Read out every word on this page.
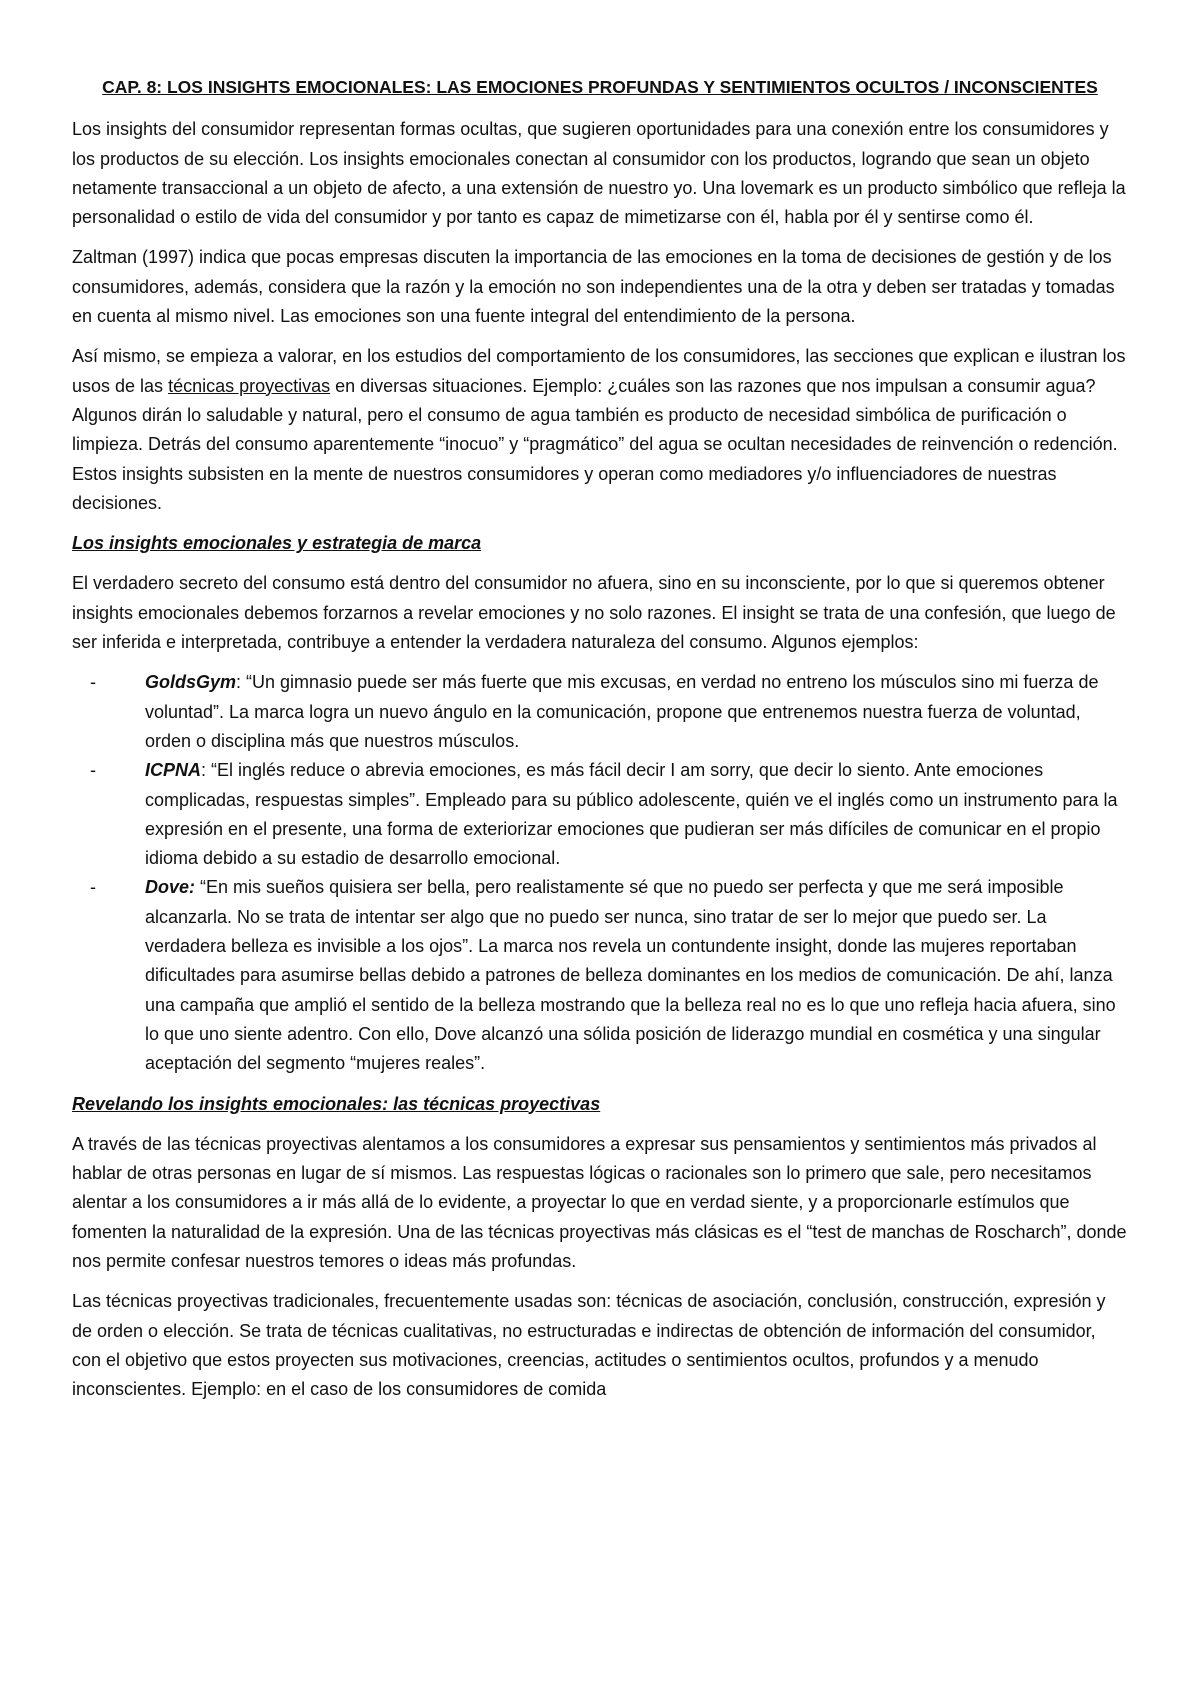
CAP. 8: LOS INSIGHTS EMOCIONALES: LAS EMOCIONES PROFUNDAS Y SENTIMIENTOS OCULTOS / INCONSCIENTES

Los insights del consumidor representan formas ocultas, que sugieren oportunidades para una conexión entre los consumidores y los productos de su elección. Los insights emocionales conectan al consumidor con los productos, logrando que sean un objeto netamente transaccional a un objeto de afecto, a una extensión de nuestro yo. Una lovemark es un producto simbólico que refleja la personalidad o estilo de vida del consumidor y por tanto es capaz de mimetizarse con él, habla por él y sentirse como él.

Zaltman (1997) indica que pocas empresas discuten la importancia de las emociones en la toma de decisiones de gestión y de los consumidores, además, considera que la razón y la emoción no son independientes una de la otra y deben ser tratadas y tomadas en cuenta al mismo nivel. Las emociones son una fuente integral del entendimiento de la persona.

Así mismo, se empieza a valorar, en los estudios del comportamiento de los consumidores, las secciones que explican e ilustran los usos de las técnicas proyectivas en diversas situaciones. Ejemplo: ¿cuáles son las razones que nos impulsan a consumir agua? Algunos dirán lo saludable y natural, pero el consumo de agua también es producto de necesidad simbólica de purificación o limpieza. Detrás del consumo aparentemente “inocuo” y “pragmático” del agua se ocultan necesidades de reinvención o redención. Estos insights subsisten en la mente de nuestros consumidores y operan como mediadores y/o influenciadores de nuestras decisiones.

Los insights emocionales y estrategia de marca

El verdadero secreto del consumo está dentro del consumidor no afuera, sino en su inconsciente, por lo que si queremos obtener insights emocionales debemos forzarnos a revelar emociones y no solo razones. El insight se trata de una confesión, que luego de ser inferida e interpretada, contribuye a entender la verdadera naturaleza del consumo. Algunos ejemplos:

-	GoldsGym: “Un gimnasio puede ser más fuerte que mis excusas, en verdad no entreno los músculos sino mi fuerza de voluntad”. La marca logra un nuevo ángulo en la comunicación, propone que entrenemos nuestra fuerza de voluntad, orden o disciplina más que nuestros músculos.
-	ICPNA: “El inglés reduce o abrevia emociones, es más fácil decir I am sorry, que decir lo siento. Ante emociones complicadas, respuestas simples”. Empleado para su público adolescente, quién ve el inglés como un instrumento para la expresión en el presente, una forma de exteriorizar emociones que pudieran ser más difíciles de comunicar en el propio idioma debido a su estadio de desarrollo emocional.
-	Dove: “En mis sueños quisiera ser bella, pero realistamente sé que no puedo ser perfecta y que me será imposible alcanzarla. No se trata de intentar ser algo que no puedo ser nunca, sino tratar de ser lo mejor que puedo ser. La verdadera belleza es invisible a los ojos”. La marca nos revela un contundente insight, donde las mujeres reportaban dificultades para asumirse bellas debido a patrones de belleza dominantes en los medios de comunicación. De ahí, lanza una campaña que amplió el sentido de la belleza mostrando que la belleza real no es lo que uno refleja hacia afuera, sino lo que uno siente adentro. Con ello, Dove alcanzó una sólida posición de liderazgo mundial en cosmética y una singular aceptación del segmento “mujeres reales”.
Revelando los insights emocionales: las técnicas proyectivas

A través de las técnicas proyectivas alentamos a los consumidores a expresar sus pensamientos y sentimientos más privados al hablar de otras personas en lugar de sí mismos. Las respuestas lógicas o racionales son lo primero que sale, pero necesitamos alentar a los consumidores a ir más allá de lo evidente, a proyectar lo que en verdad siente, y a proporcionarle estímulos que fomenten la naturalidad de la expresión. Una de las técnicas proyectivas más clásicas es el “test de manchas de Roscharch”, donde nos permite confesar nuestros temores o ideas más profundas.

Las técnicas proyectivas tradicionales, frecuentemente usadas son: técnicas de asociación, conclusión, construcción, expresión y de orden o elección. Se trata de técnicas cualitativas, no estructuradas e indirectas de obtención de información del consumidor, con el objetivo que estos proyecten sus motivaciones, creencias, actitudes o sentimientos ocultos, profundos y a menudo inconscientes. Ejemplo: en el caso de los consumidores de comida
